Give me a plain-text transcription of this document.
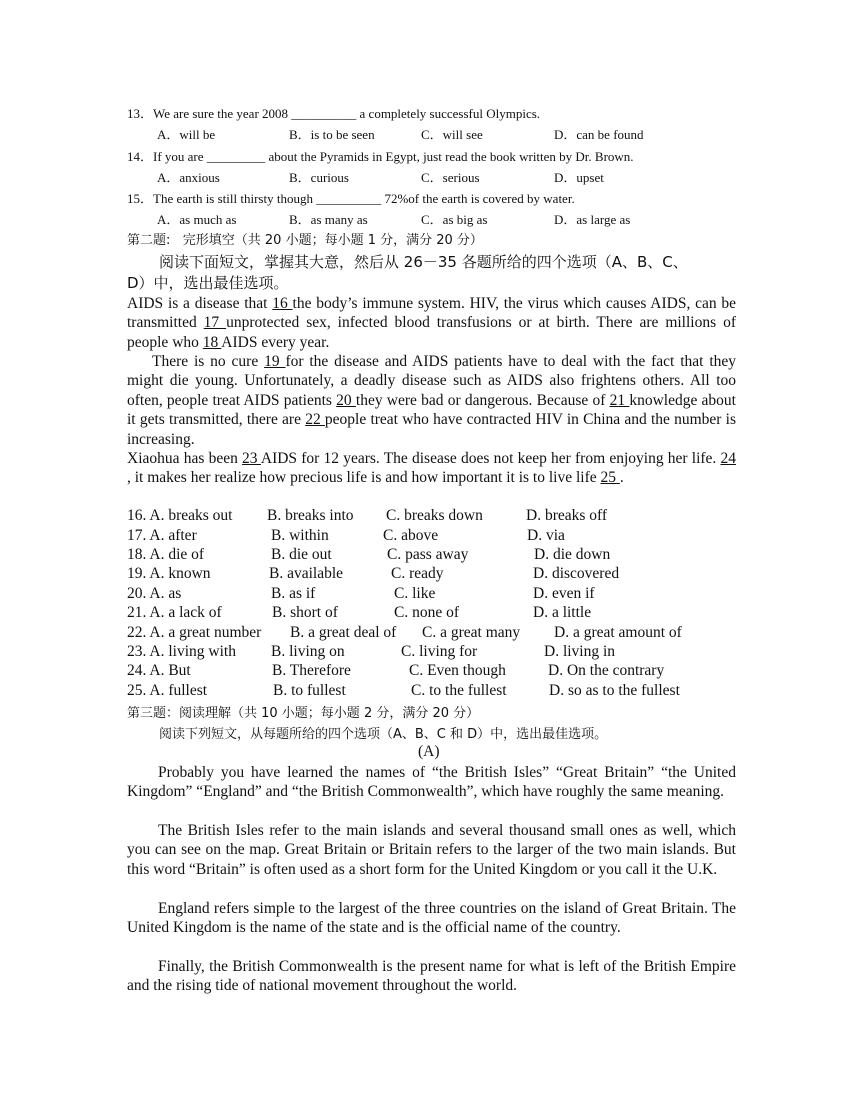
13．We are sure the year 2008 __________ a completely successful Olympics.
A．will be	B．is to be seen	C．will see	D．can be found
14．If you are _________ about the Pyramids in Egypt, just read the book written by Dr. Brown.
A．anxious	B．curious	C．serious	D．upset
15．The earth is still thirsty though __________ 72%of the earth is covered by water.
A．as much as	B．as many as	C．as big as	D．as large as
第二题:   完形填空（共 20 小题；每小题 1 分，满分 20 分）
阅读下面短文，掌握其大意，然后从 26－35 各题所给的四个选项（A、B、C、
D）中，选出最佳选项。
AIDS is a disease that 16 the body’s immune system. HIV, the virus which causes AIDS, can be transmitted 17 unprotected sex, infected blood transfusions or at birth. There are millions of people who 18 AIDS every year.
There is no cure 19 for the disease and AIDS patients have to deal with the fact that they might die young. Unfortunately, a deadly disease such as AIDS also frightens others. All too often, people treat AIDS patients 20 they were bad or dangerous. Because of 21 knowledge about it gets transmitted, there are 22 people treat who have contracted HIV in China and the number is increasing.
Xiaohua has been 23 AIDS for 12 years. The disease does not keep her from enjoying her life. 24 , it makes her realize how precious life is and how important it is to live life 25 .
16. A. breaks out B. breaks into C. breaks down	D. breaks off
17. A. after	B. within	C. above	D. via
18. A. die of	B. die out	C. pass away	D. die down
19. A. known	B. available	C. ready	D. discovered
20. A. as	B. as if	C. like	D. even if
21. A. a lack of	B. short of	C. none of	D. a little
22. A. a great number B. a great deal of C. a great many D. a great amount of
23. A. living with B. living on	C. living for	D. living in
24. A. But	B. Therefore	C. Even though	D. On the contrary
25. A. fullest	B. to fullest	C. to the fullest	D. so as to the fullest
第三题：阅读理解（共 10 小题；每小题 2 分，满分 20 分）
阅读下列短文，从每题所给的四个选项（A、B、C 和 D）中，选出最佳选项。
(A)
Probably you have learned the names of “the British Isles” “Great Britain” “the United Kingdom” “England” and “the British Commonwealth”, which have roughly the same meaning.
The British Isles refer to the main islands and several thousand small ones as well, which you can see on the map. Great Britain or Britain refers to the larger of the two main islands. But this word “Britain” is often used as a short form for the United Kingdom or you call it the U.K.
England refers simple to the largest of the three countries on the island of Great Britain. The United Kingdom is the name of the state and is the official name of the country.
Finally, the British Commonwealth is the present name for what is left of the British Empire and the rising tide of national movement throughout the world.
